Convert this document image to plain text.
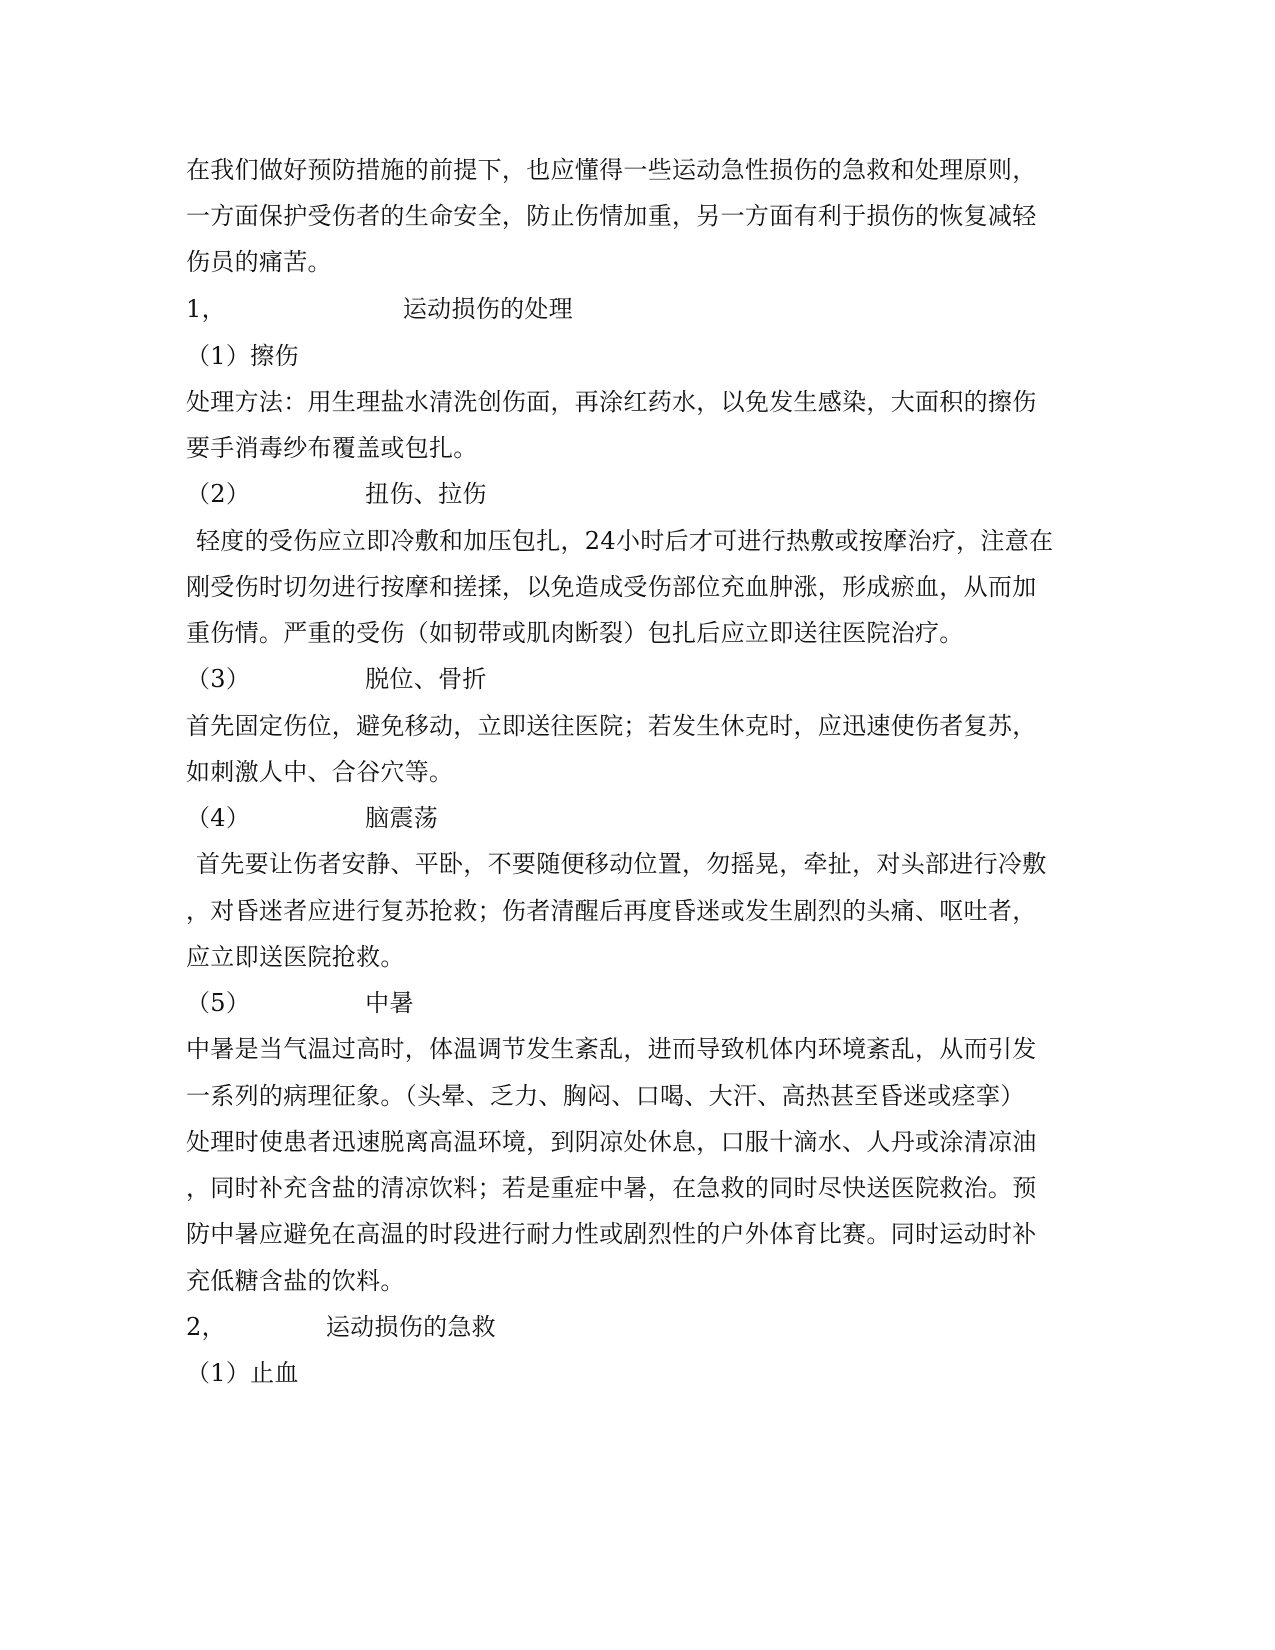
在我们做好预防措施的前提下，也应懂得一些运动急性损伤的急救和处理原则，
一方面保护受伤者的生命安全，防止伤情加重，另一方面有利于损伤的恢复减轻
伤员的痛苦。
1，	运动损伤的处理
（1）擦伤
处理方法：用生理盐水清洗创伤面，再涂红药水，以免发生感染，大面积的擦伤
要手消毒纱布覆盖或包扎。
（2）	扭伤、拉伤
轻度的受伤应立即冷敷和加压包扎，24小时后才可进行热敷或按摩治疗，注意在
刚受伤时切勿进行按摩和搓揉，以免造成受伤部位充血肿涨，形成瘀血，从而加
重伤情。严重的受伤（如韧带或肌肉断裂）包扎后应立即送往医院治疗。
（3）	脱位、骨折
首先固定伤位，避免移动，立即送往医院；若发生休克时，应迅速使伤者复苏，
如刺激人中、合谷穴等。
（4）	脑震荡
首先要让伤者安静、平卧，不要随便移动位置，勿摇晃，牵扯，对头部进行冷敷
，对昏迷者应进行复苏抢救；伤者清醒后再度昏迷或发生剧烈的头痛、呕吐者，
应立即送医院抢救。
（5）	中暑
中暑是当气温过高时，体温调节发生紊乱，进而导致机体内环境紊乱，从而引发
一系列的病理征象。（头晕、乏力、胸闷、口喝、大汗、高热甚至昏迷或痉挛）
处理时使患者迅速脱离高温环境，到阴凉处休息，口服十滴水、人丹或涂清凉油
，同时补充含盐的清凉饮料；若是重症中暑，在急救的同时尽快送医院救治。预
防中暑应避免在高温的时段进行耐力性或剧烈性的户外体育比赛。同时运动时补
充低糖含盐的饮料。
2，	运动损伤的急救
（1）止血
